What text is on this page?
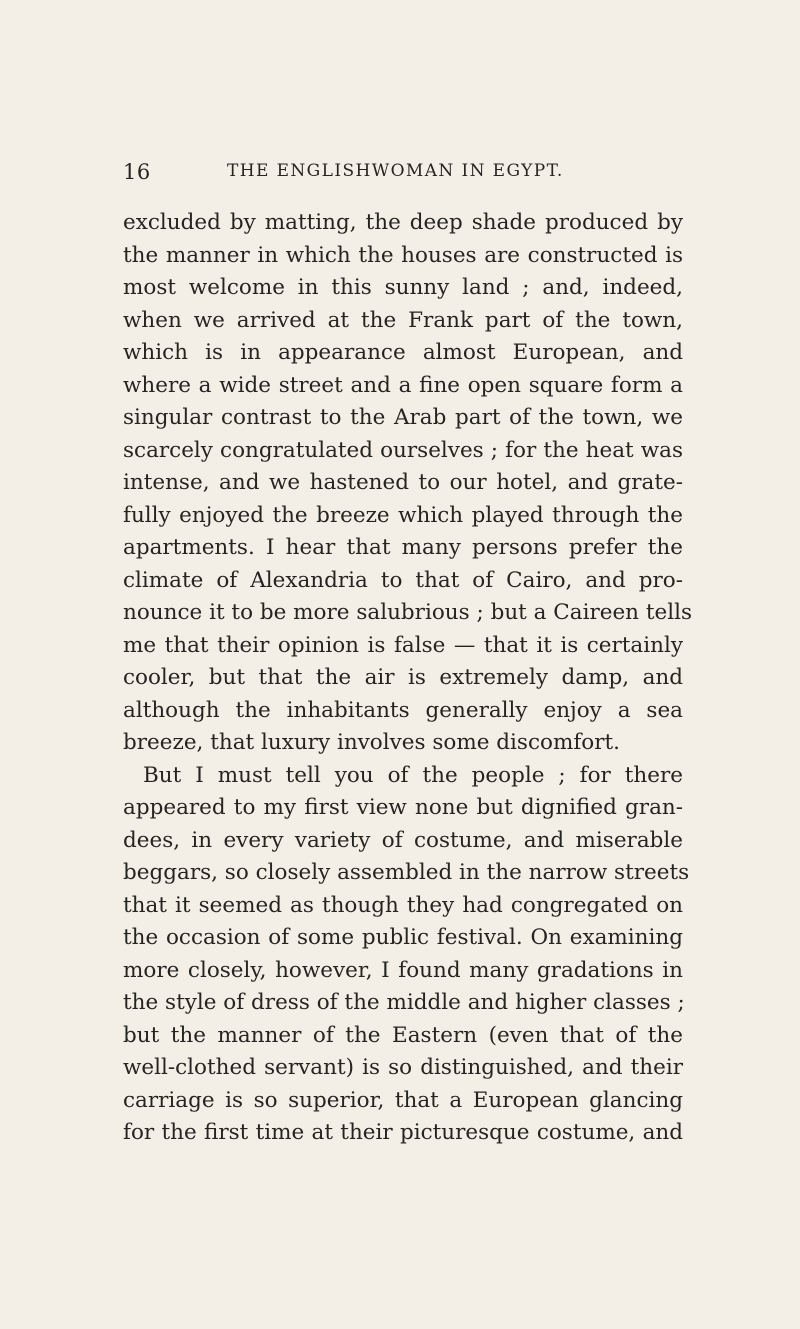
16	THE ENGLISHWOMAN IN EGYPT.
excluded by matting, the deep shade produced by
the manner in which the houses are constructed is
most welcome in this sunny land ; and, indeed,
when we arrived at the Frank part of the town,
which is in appearance almost European, and
where a wide street and a fine open square form a
singular contrast to the Arab part of the town, we
scarcely congratulated ourselves ; for the heat was
intense, and we hastened to our hotel, and grate-
fully enjoyed the breeze which played through the
apartments. I hear that many persons prefer the
climate of Alexandria to that of Cairo, and pro-
nounce it to be more salubrious ; but a Caireen tells
me that their opinion is false — that it is certainly
cooler, but that the air is extremely damp, and
although the inhabitants generally enjoy a sea
breeze, that luxury involves some discomfort.
But I must tell you of the people ; for there
appeared to my first view none but dignified gran-
dees, in every variety of costume, and miserable
beggars, so closely assembled in the narrow streets
that it seemed as though they had congregated on
the occasion of some public festival. On examining
more closely, however, I found many gradations in
the style of dress of the middle and higher classes ;
but the manner of the Eastern (even that of the
well-clothed servant) is so distinguished, and their
carriage is so superior, that a European glancing
for the first time at their picturesque costume, and
